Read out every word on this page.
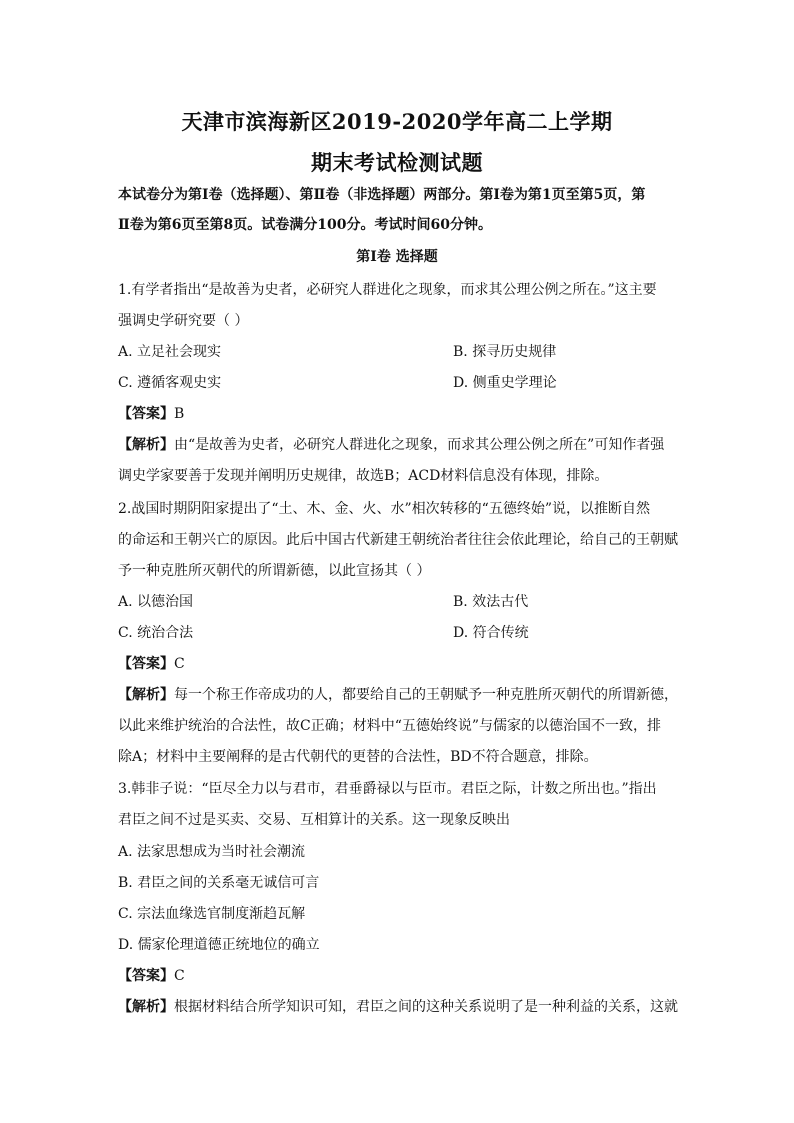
天津市滨海新区2019-2020学年高二上学期
期末考试检测试题
本试卷分为第Ⅰ卷（选择题）、第Ⅱ卷（非选择题）两部分。第Ⅰ卷为第1页至第5页，第
Ⅱ卷为第6页至第8页。试卷满分100分。考试时间60分钟。
第Ⅰ卷 选择题
1.有学者指出“是故善为史者，必研究人群进化之现象，而求其公理公例之所在。”这主要
强调史学研究要（ ）
A. 立足社会现实	B. 探寻历史规律
C. 遵循客观史实	D. 侧重史学理论
【答案】B
【解析】由“是故善为史者，必研究人群进化之现象，而求其公理公例之所在”可知作者强
调史学家要善于发现并阐明历史规律，故选B；ACD材料信息没有体现，排除。
2.战国时期阴阳家提出了“土、木、金、火、水”相次转移的“五德终始”说，以推断自然
的命运和王朝兴亡的原因。此后中国古代新建王朝统治者往往会依此理论，给自己的王朝赋
予一种克胜所灭朝代的所谓新德，以此宣扬其（ ）
A. 以德治国	B. 效法古代
C. 统治合法	D. 符合传统
【答案】C
【解析】每一个称王作帝成功的人，都要给自己的王朝赋予一种克胜所灭朝代的所谓新德，
以此来维护统治的合法性，故C正确；材料中“五德始终说”与儒家的以德治国不一致，排
除A；材料中主要阐释的是古代朝代的更替的合法性，BD不符合题意，排除。
3.韩非子说：“臣尽全力以与君市，君垂爵禄以与臣市。君臣之际，计数之所出也。”指出
君臣之间不过是买卖、交易、互相算计的关系。这一现象反映出
A. 法家思想成为当时社会潮流
B. 君臣之间的关系毫无诚信可言
C. 宗法血缘选官制度渐趋瓦解
D. 儒家伦理道德正统地位的确立
【答案】C
【解析】根据材料结合所学知识可知，君臣之间的这种关系说明了是一种利益的关系，这就
